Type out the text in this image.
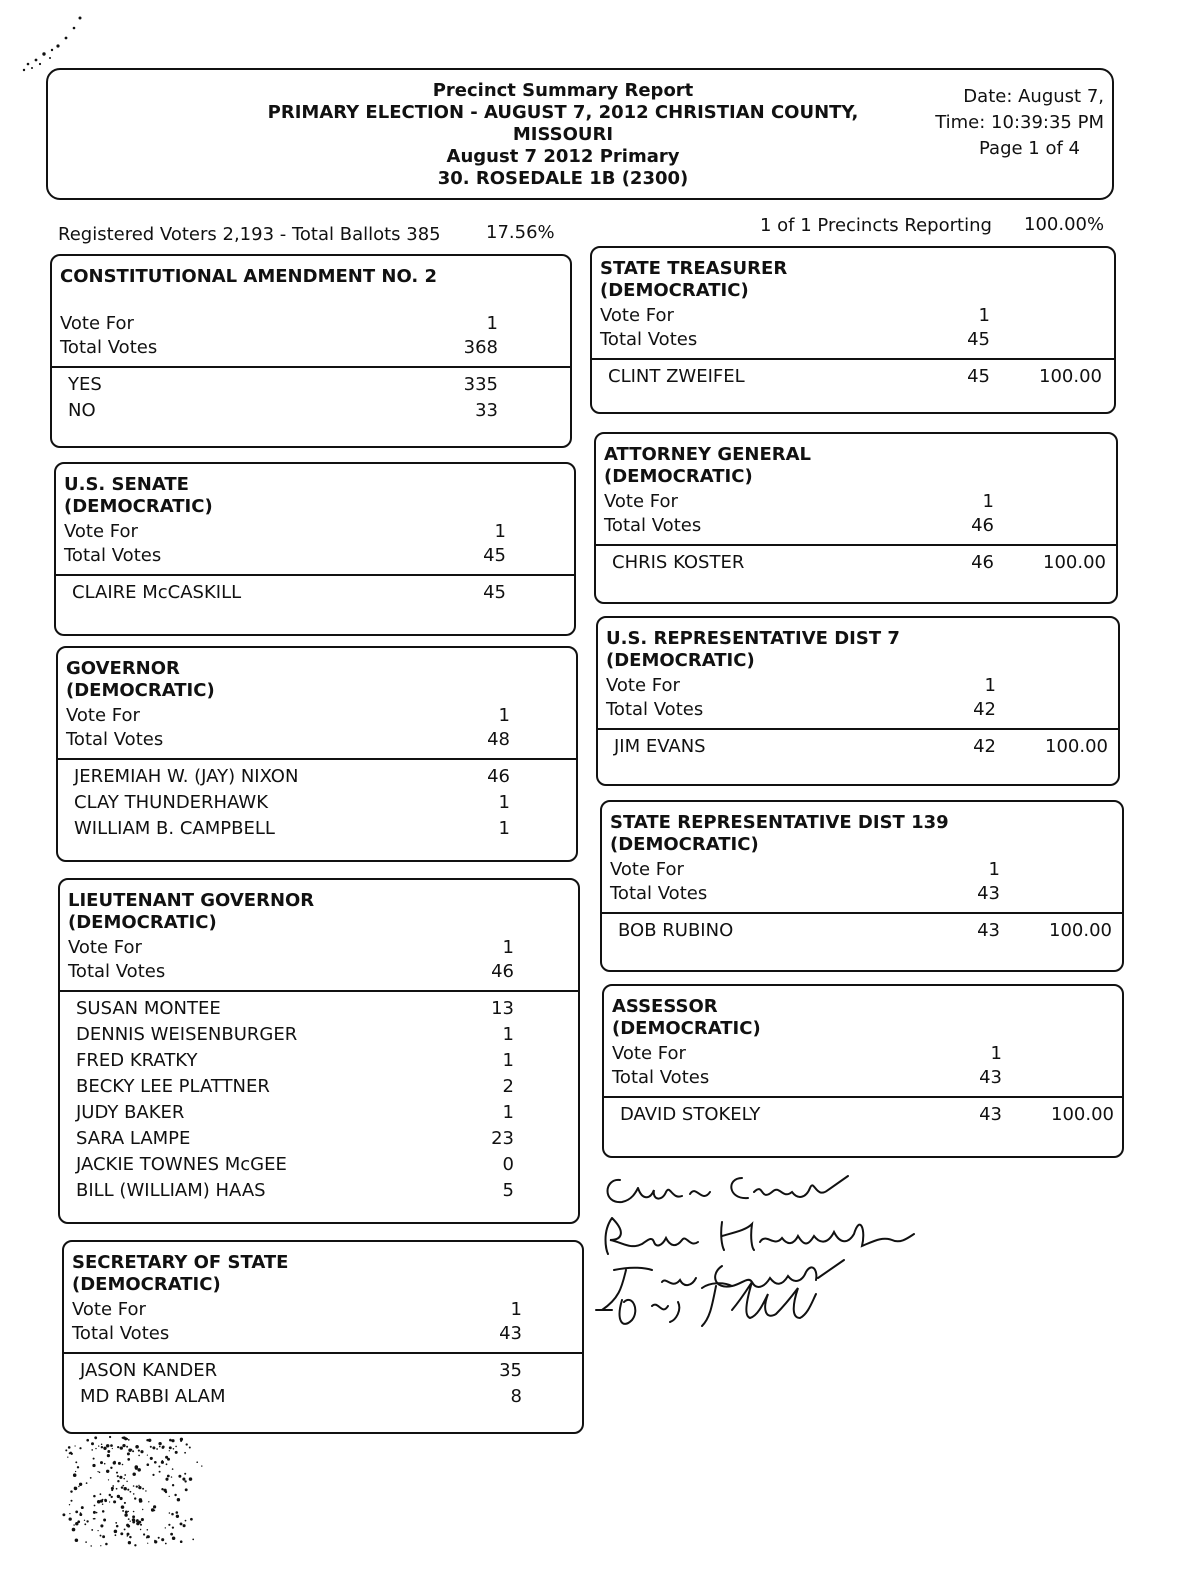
Precinct Summary Report
PRIMARY ELECTION - AUGUST 7, 2012 CHRISTIAN COUNTY,
MISSOURI
August 7 2012 Primary
30. ROSEDALE 1B (2300)
Date: August 7,
Time: 10:39:35 PM
Page 1 of 4
Registered Voters 2,193 - Total Ballots 385	17.56%	1 of 1 Precincts Reporting 100.00%
CONSTITUTIONAL AMENDMENT NO. 2
Vote For	1
Total Votes	368
YES	335
NO	33
U.S. SENATE
(DEMOCRATIC)
Vote For	1
Total Votes	45
CLAIRE McCASKILL	45
GOVERNOR
(DEMOCRATIC)
Vote For	1
Total Votes	48
JEREMIAH W. (JAY) NIXON	46
CLAY THUNDERHAWK	1
WILLIAM B. CAMPBELL	1
LIEUTENANT GOVERNOR
(DEMOCRATIC)
Vote For	1
Total Votes	46
SUSAN MONTEE	13
DENNIS WEISENBURGER	1
FRED KRATKY	1
BECKY LEE PLATTNER	2
JUDY BAKER	1
SARA LAMPE	23
JACKIE TOWNES McGEE	0
BILL (WILLIAM) HAAS	5
SECRETARY OF STATE
(DEMOCRATIC)
Vote For	1
Total Votes	43
JASON KANDER	35
MD RABBI ALAM	8
STATE TREASURER
(DEMOCRATIC)
Vote For	1
Total Votes	45
CLINT ZWEIFEL	45	100.00
ATTORNEY GENERAL
(DEMOCRATIC)
Vote For	1
Total Votes	46
CHRIS KOSTER	46	100.00
U.S. REPRESENTATIVE DIST 7
(DEMOCRATIC)
Vote For	1
Total Votes	42
JIM EVANS	42	100.00
STATE REPRESENTATIVE DIST 139
(DEMOCRATIC)
Vote For	1
Total Votes	43
BOB RUBINO	43	100.00
ASSESSOR
(DEMOCRATIC)
Vote For	1
Total Votes	43
DAVID STOKELY	43	100.00
